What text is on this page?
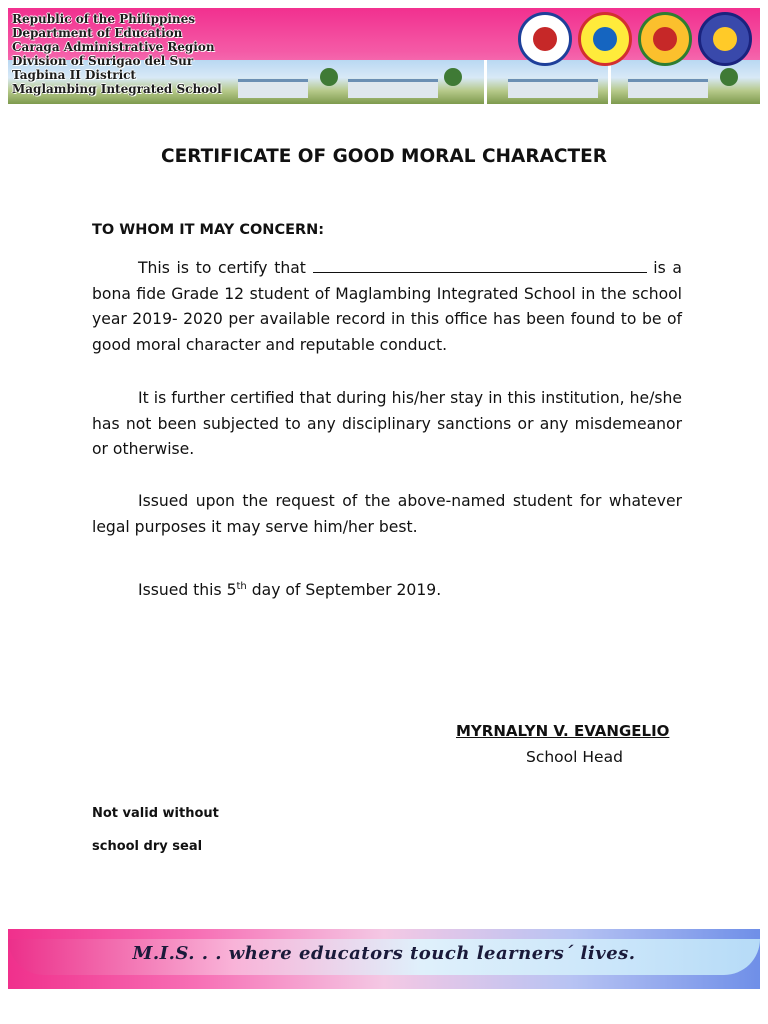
Republic of the Philippines
Department of Education
Caraga Administrative Region
Division of Surigao del Sur
Tagbina II District
Maglambing Integrated School
CERTIFICATE OF GOOD MORAL CHARACTER
TO WHOM IT MAY CONCERN:

This is to certify that	is a bona fide Grade 12 student of Maglambing Integrated School in the school year 2019- 2020 per available record in this office has been found to be of good moral character and reputable conduct.

It is further certified that during his/her stay in this institution, he/she has not been subjected to any disciplinary sanctions or any misdemeanor or otherwise.

Issued upon the request of the above-named student for whatever legal purposes it may serve him/her best.

Issued this 5th day of September 2019.

MYRNALYN V. EVANGELIO
School Head
Not valid without
school dry seal
M.I.S. . . where educators touch learners´ lives.
